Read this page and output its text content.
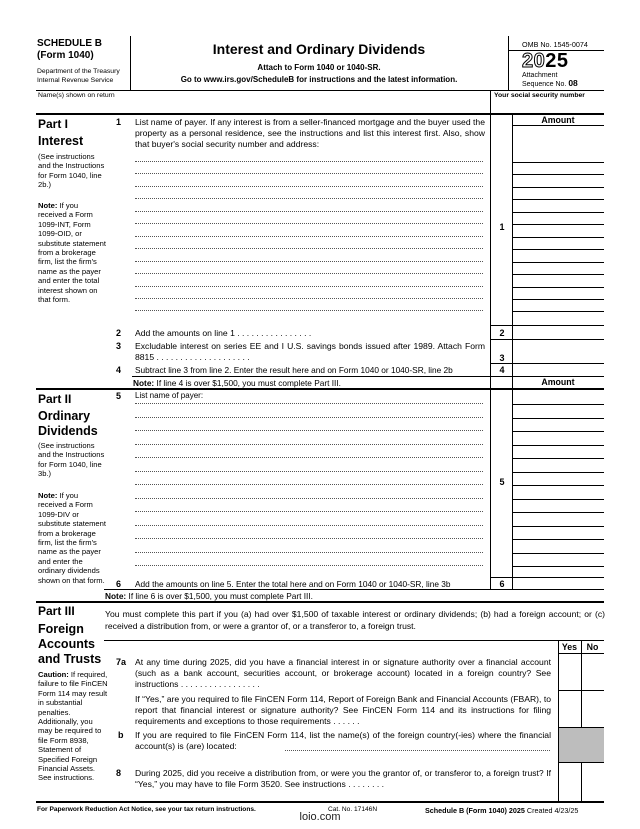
SCHEDULE B
(Form 1040)
Department of the Treasury
Internal Revenue Service
Interest and Ordinary Dividends
Attach to Form 1040 or 1040-SR.
Go to www.irs.gov/ScheduleB for instructions and the latest information.
OMB No. 1545-0074
2025
Attachment
Sequence No. 08
Name(s) shown on return	Your social security number
Amount
Part I
Interest
(See instructions and the Instructions for Form 1040, line 2b.)
Note: If you received a Form 1099-INT, Form 1099-OID, or substitute statement from a brokerage firm, list the firm's name as the payer and enter the total interest shown on that form.
1 List name of payer. If any interest is from a seller-financed mortgage and the buyer used the property as a personal residence, see the instructions and list this interest first. Also, show that buyer's social security number and address:
1
2 Add the amounts on line 1 . . . . . . . . . . . . . . . .	2
3 Excludable interest on series EE and I U.S. savings bonds issued after 1989. Attach Form 8815 . . . . . . . . . . . . . . . . . . . .	3
4 Subtract line 3 from line 2. Enter the result here and on Form 1040 or 1040-SR, line 2b	4
Note: If line 4 is over $1,500, you must complete Part III.	Amount
Part II
Ordinary
Dividends
(See instructions and the Instructions for Form 1040, line 3b.)
Note: If you received a Form 1099-DIV or substitute statement from a brokerage firm, list the firm's name as the payer and enter the ordinary dividends shown on that form.
5 List name of payer:
5
6 Add the amounts on line 5. Enter the total here and on Form 1040 or 1040-SR, line 3b	6
Note: If line 6 is over $1,500, you must complete Part III.
Part III
Foreign
Accounts
and Trusts
Caution: If required, failure to file FinCEN Form 114 may result in substantial penalties. Additionally, you may be required to file Form 8938, Statement of Specified Foreign Financial Assets. See instructions.
You must complete this part if you (a) had over $1,500 of taxable interest or ordinary dividends; (b) had a foreign account; or (c) received a distribution from, or were a grantor of, or a transferor to, a foreign trust.
Yes	No
7a At any time during 2025, did you have a financial interest in or signature authority over a financial account (such as a bank account, securities account, or brokerage account) located in a foreign country? See instructions . . . . . . . . . . . . . . . . .
If “Yes,” are you required to file FinCEN Form 114, Report of Foreign Bank and Financial Accounts (FBAR), to report that financial interest or signature authority? See FinCEN Form 114 and its instructions for filing requirements and exceptions to those requirements . . . . . .
b If you are required to file FinCEN Form 114, list the name(s) of the foreign country(-ies) where the financial account(s) is (are) located:
8 During 2025, did you receive a distribution from, or were you the grantor of, or transferor to, a foreign trust? If “Yes,” you may have to file Form 3520. See instructions . . . . . . . .
For Paperwork Reduction Act Notice, see your tax return instructions.	Cat. No. 17146N	Schedule B (Form 1040) 2025 Created 4/23/25
loio.com
